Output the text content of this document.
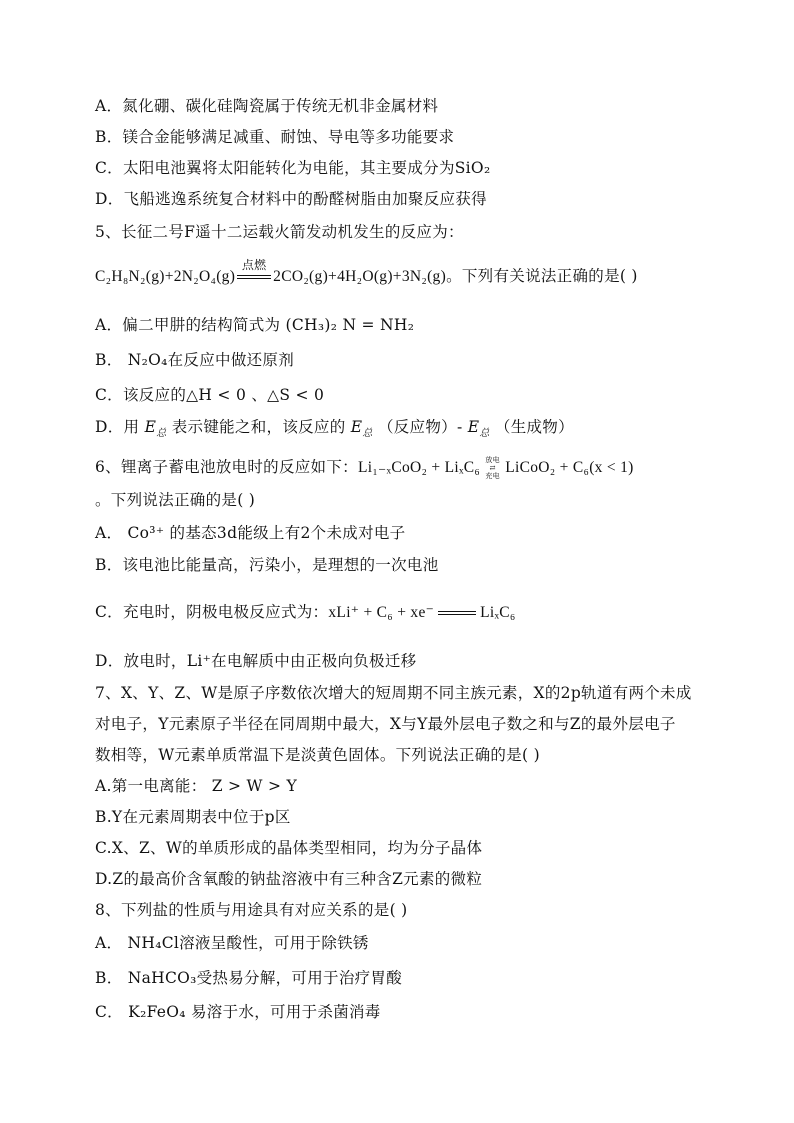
A．氮化硼、碳化硅陶瓷属于传统无机非金属材料
B．镁合金能够满足减重、耐蚀、导电等多功能要求
C．太阳电池翼将太阳能转化为电能，其主要成分为SiO₂
D．飞船逃逸系统复合材料中的酚醛树脂由加聚反应获得
5、长征二号F遥十二运载火箭发动机发生的反应为：
C₂H₈N₂(g)+2N₂O₄(g)
点燃
2CO₂(g)+4H₂O(g)+3N₂(g)。下列有关说法正确的是( )
A．偏二甲肼的结构简式为 (CH₃)₂ N = NH₂
B． N₂O₄在反应中做还原剂
C．该反应的△H < 0 、△S < 0
D．用 $E_总$ 表示键能之和，该反应的 $E_总$ （反应物）- $E_总$ （生成物）
6、锂离子蓄电池放电时的反应如下：Li₁₋ₓCoO₂ + LiₓC₆ 放电
⇄
充电 LiCoO₂ + C₆(x < 1)
。下列说法正确的是( )
A． Co³⁺ 的基态3d能级上有2个未成对电子
B．该电池比能量高，污染小，是理想的一次电池
C．充电时，阴极电极反应式为：xLi⁺ + C₆ + xe⁻	LiₓC₆
D．放电时，Li⁺在电解质中由正极向负极迁移
7、X、Y、Z、W是原子序数依次增大的短周期不同主族元素，X的2p轨道有两个未成
对电子，Y元素原子半径在同周期中最大，X与Y最外层电子数之和与Z的最外层电子
数相等，W元素单质常温下是淡黄色固体。下列说法正确的是( )
A.第一电离能： Z > W > Y
B.Y在元素周期表中位于p区
C.X、Z、W的单质形成的晶体类型相同，均为分子晶体
D.Z的最高价含氧酸的钠盐溶液中有三种含Z元素的微粒
8、下列盐的性质与用途具有对应关系的是( )
A． NH₄Cl溶液呈酸性，可用于除铁锈
B． NaHCO₃受热易分解，可用于治疗胃酸
C． K₂FeO₄ 易溶于水，可用于杀菌消毒
